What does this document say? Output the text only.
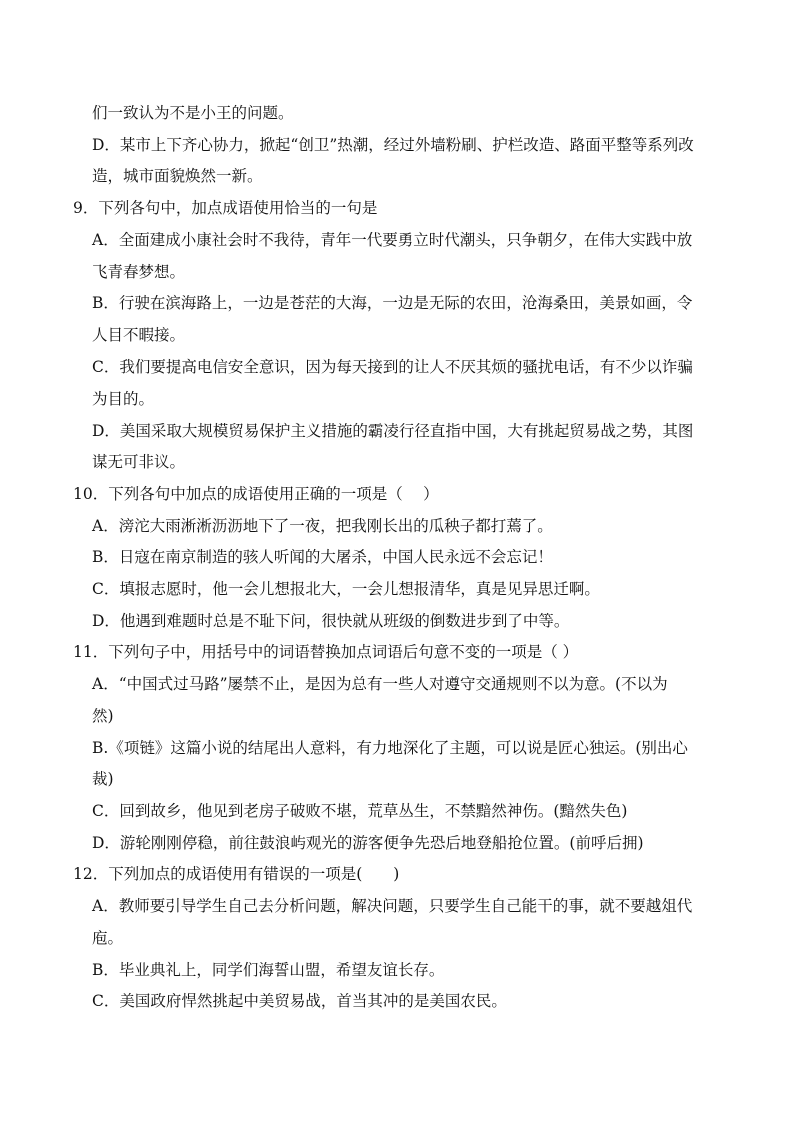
们一致认为不是小王的问题。
D．某市上下齐心协力，掀起“创卫”热潮，经过外墙粉刷、护栏改造、路面平整等系列改
造，城市面貌焕然一新。
9．下列各句中，加点成语使用恰当的一句是
A．全面建成小康社会时不我待，青年一代要勇立时代潮头，只争朝夕，在伟大实践中放
飞青春梦想。
B．行驶在滨海路上，一边是苍茫的大海，一边是无际的农田，沧海桑田，美景如画，令
人目不暇接。
C．我们要提高电信安全意识，因为每天接到的让人不厌其烦的骚扰电话，有不少以诈骗
为目的。
D．美国采取大规模贸易保护主义措施的霸凌行径直指中国，大有挑起贸易战之势，其图
谋无可非议。
10．下列各句中加点的成语使用正确的一项是（　 ）
A．滂沱大雨淅淅沥沥地下了一夜，把我刚长出的瓜秧子都打蔫了。
B．日寇在南京制造的骇人听闻的大屠杀，中国人民永远不会忘记！
C．填报志愿时，他一会儿想报北大，一会儿想报清华，真是见异思迁啊。
D．他遇到难题时总是不耻下问，很快就从班级的倒数进步到了中等。
11．下列句子中，用括号中的词语替换加点词语后句意不变的一项是（ ）
A．“中国式过马路”屡禁不止，是因为总有一些人对遵守交通规则不以为意。(不以为
然)
B.《项链》这篇小说的结尾出人意料，有力地深化了主题，可以说是匠心独运。(别出心
裁)
C．回到故乡，他见到老房子破败不堪，荒草丛生，不禁黯然神伤。(黯然失色)
D．游轮刚刚停稳，前往鼓浪屿观光的游客便争先恐后地登船抢位置。(前呼后拥)
12．下列加点的成语使用有错误的一项是(　　)
A．教师要引导学生自己去分析问题，解决问题，只要学生自己能干的事，就不要越俎代
庖。
B．毕业典礼上，同学们海誓山盟，希望友谊长存。
C．美国政府悍然挑起中美贸易战，首当其冲的是美国农民。
